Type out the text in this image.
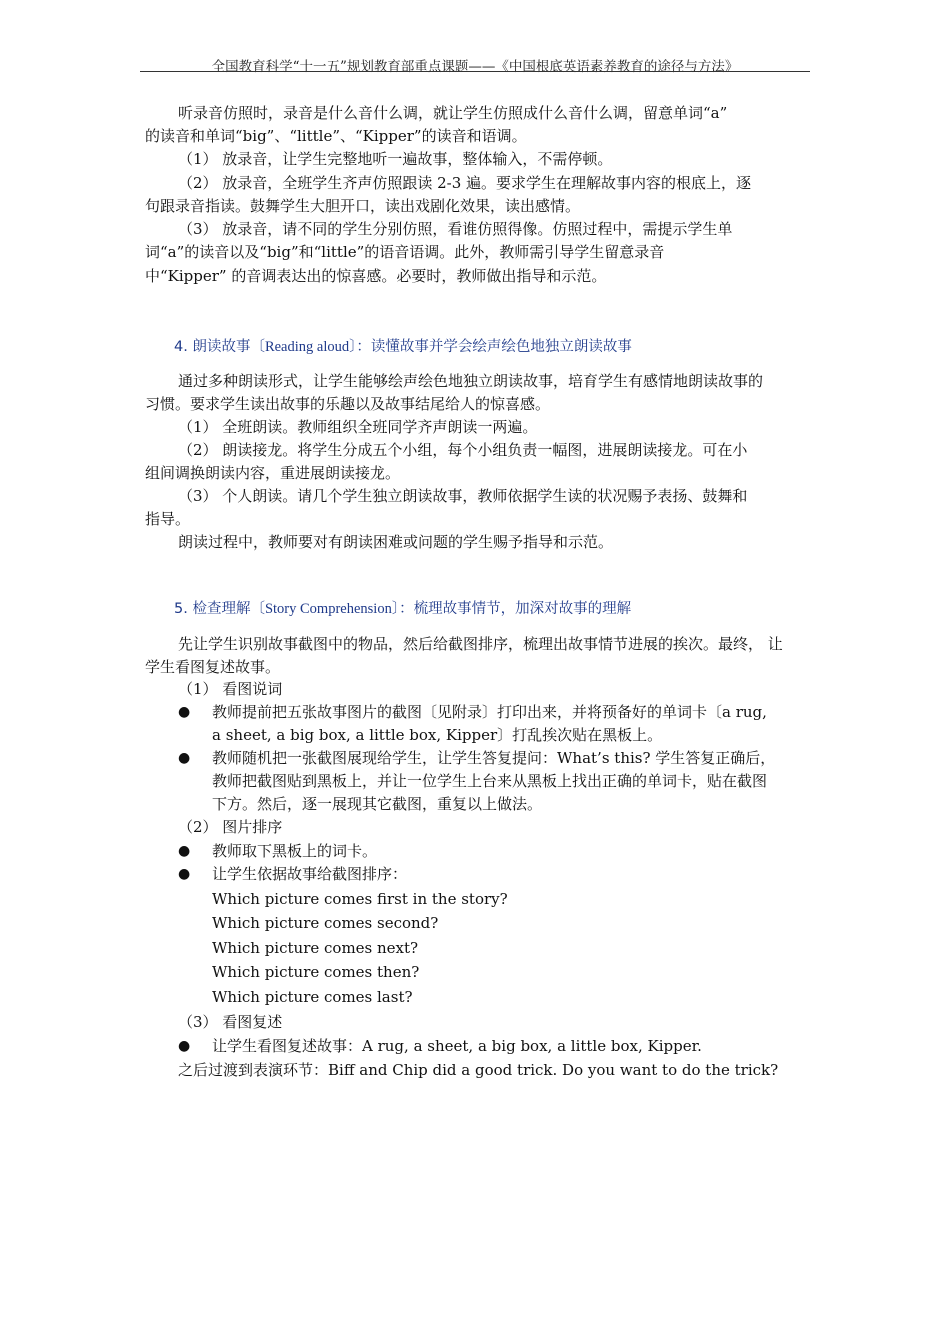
全国教育科学“十一五”规划教育部重点课题——《中国根底英语素养教育的途径与方法》
听录音仿照时，录音是什么音什么调，就让学生仿照成什么音什么调，留意单词“a”
的读音和单词“big”、“little”、“Kipper”的读音和语调。
（1） 放录音，让学生完整地听一遍故事，整体输入，不需停顿。
（2） 放录音，全班学生齐声仿照跟读 2-3 遍。要求学生在理解故事内容的根底上，逐
句跟录音指读。鼓舞学生大胆开口，读出戏剧化效果，读出感情。
（3） 放录音，请不同的学生分别仿照，看谁仿照得像。仿照过程中，需提示学生单
词“a”的读音以及“big”和“little”的语音语调。此外，教师需引导学生留意录音
中“Kipper” 的音调表达出的惊喜感。必要时，教师做出指导和示范。
4. 朗读故事〔Reading aloud〕：读懂故事并学会绘声绘色地独立朗读故事
通过多种朗读形式，让学生能够绘声绘色地独立朗读故事，培育学生有感情地朗读故事的
习惯。要求学生读出故事的乐趣以及故事结尾给人的惊喜感。
（1） 全班朗读。教师组织全班同学齐声朗读一两遍。
（2） 朗读接龙。将学生分成五个小组，每个小组负责一幅图，进展朗读接龙。可在小
组间调换朗读内容，重进展朗读接龙。
（3） 个人朗读。请几个学生独立朗读故事，教师依据学生读的状况赐予表扬、鼓舞和
指导。
朗读过程中，教师要对有朗读困难或问题的学生赐予指导和示范。
5. 检查理解〔Story Comprehension〕：梳理故事情节，加深对故事的理解
先让学生识别故事截图中的物品，然后给截图排序，梳理出故事情节进展的挨次。最终， 让
学生看图复述故事。
（1） 看图说词
● 教师提前把五张故事图片的截图〔见附录〕打印出来，并将预备好的单词卡〔a rug,
a sheet, a big box, a little box, Kipper〕打乱挨次贴在黑板上。
● 教师随机把一张截图展现给学生，让学生答复提问：What’s this? 学生答复正确后，
教师把截图贴到黑板上，并让一位学生上台来从黑板上找出正确的单词卡，贴在截图
下方。然后，逐一展现其它截图，重复以上做法。
（2） 图片排序
● 教师取下黑板上的词卡。
● 让学生依据故事给截图排序：
Which picture comes first in the story?
Which picture comes second?
Which picture comes next?
Which picture comes then?
Which picture comes last?
（3） 看图复述
● 让学生看图复述故事：A rug, a sheet, a big box, a little box, Kipper.
之后过渡到表演环节：Biff and Chip did a good trick. Do you want to do the trick?
